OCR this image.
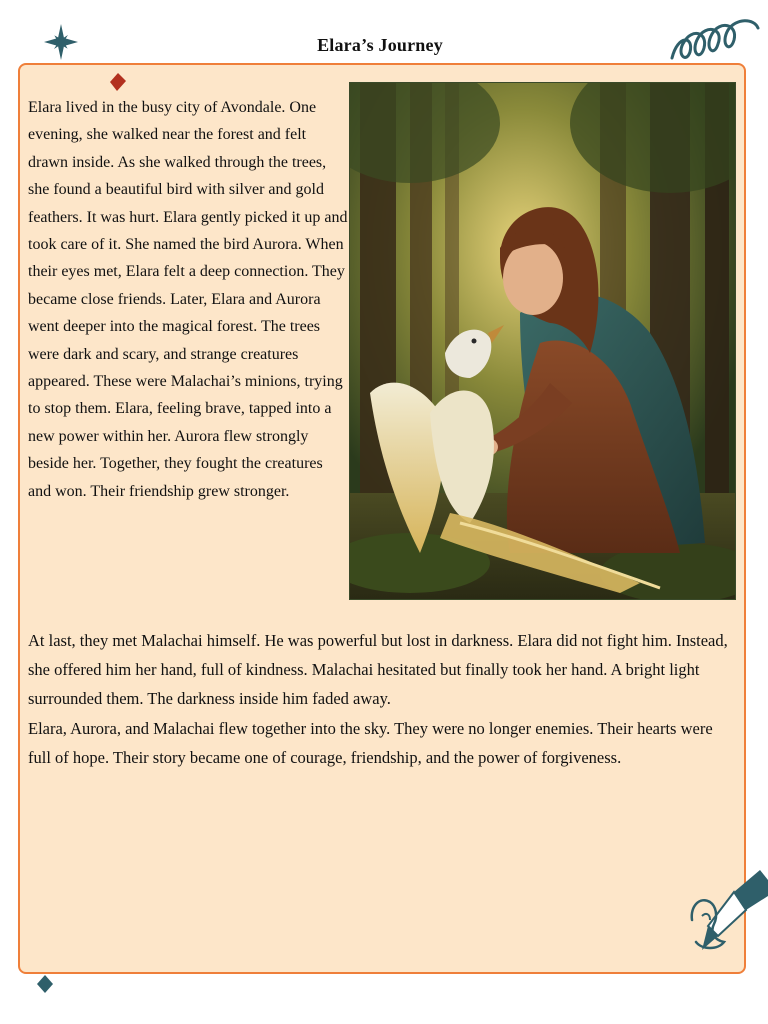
Elara’s Journey

Elara lived in the busy city of Avondale. One evening, she walked near the forest and felt drawn inside. As she walked through the trees, she found a beautiful bird with silver and gold feathers. It was hurt. Elara gently picked it up and took care of it. She named the bird Aurora. When their eyes met, Elara felt a deep connection. They became close friends. Later, Elara and Aurora went deeper into the magical forest. The trees were dark and scary, and strange creatures appeared. These were Malachai’s minions, trying to stop them. Elara, feeling brave, tapped into a new power within her. Aurora flew strongly beside her. Together, they fought the creatures and won. Their friendship grew stronger.

At last, they met Malachai himself. He was powerful but lost in darkness. Elara did not fight him. Instead, she offered him her hand, full of kindness. Malachai hesitated but finally took her hand. A bright light surrounded them. The darkness inside him faded away.

Elara, Aurora, and Malachai flew together into the sky. They were no longer enemies. Their hearts were full of hope. Their story became one of courage, friendship, and the power of forgiveness.
